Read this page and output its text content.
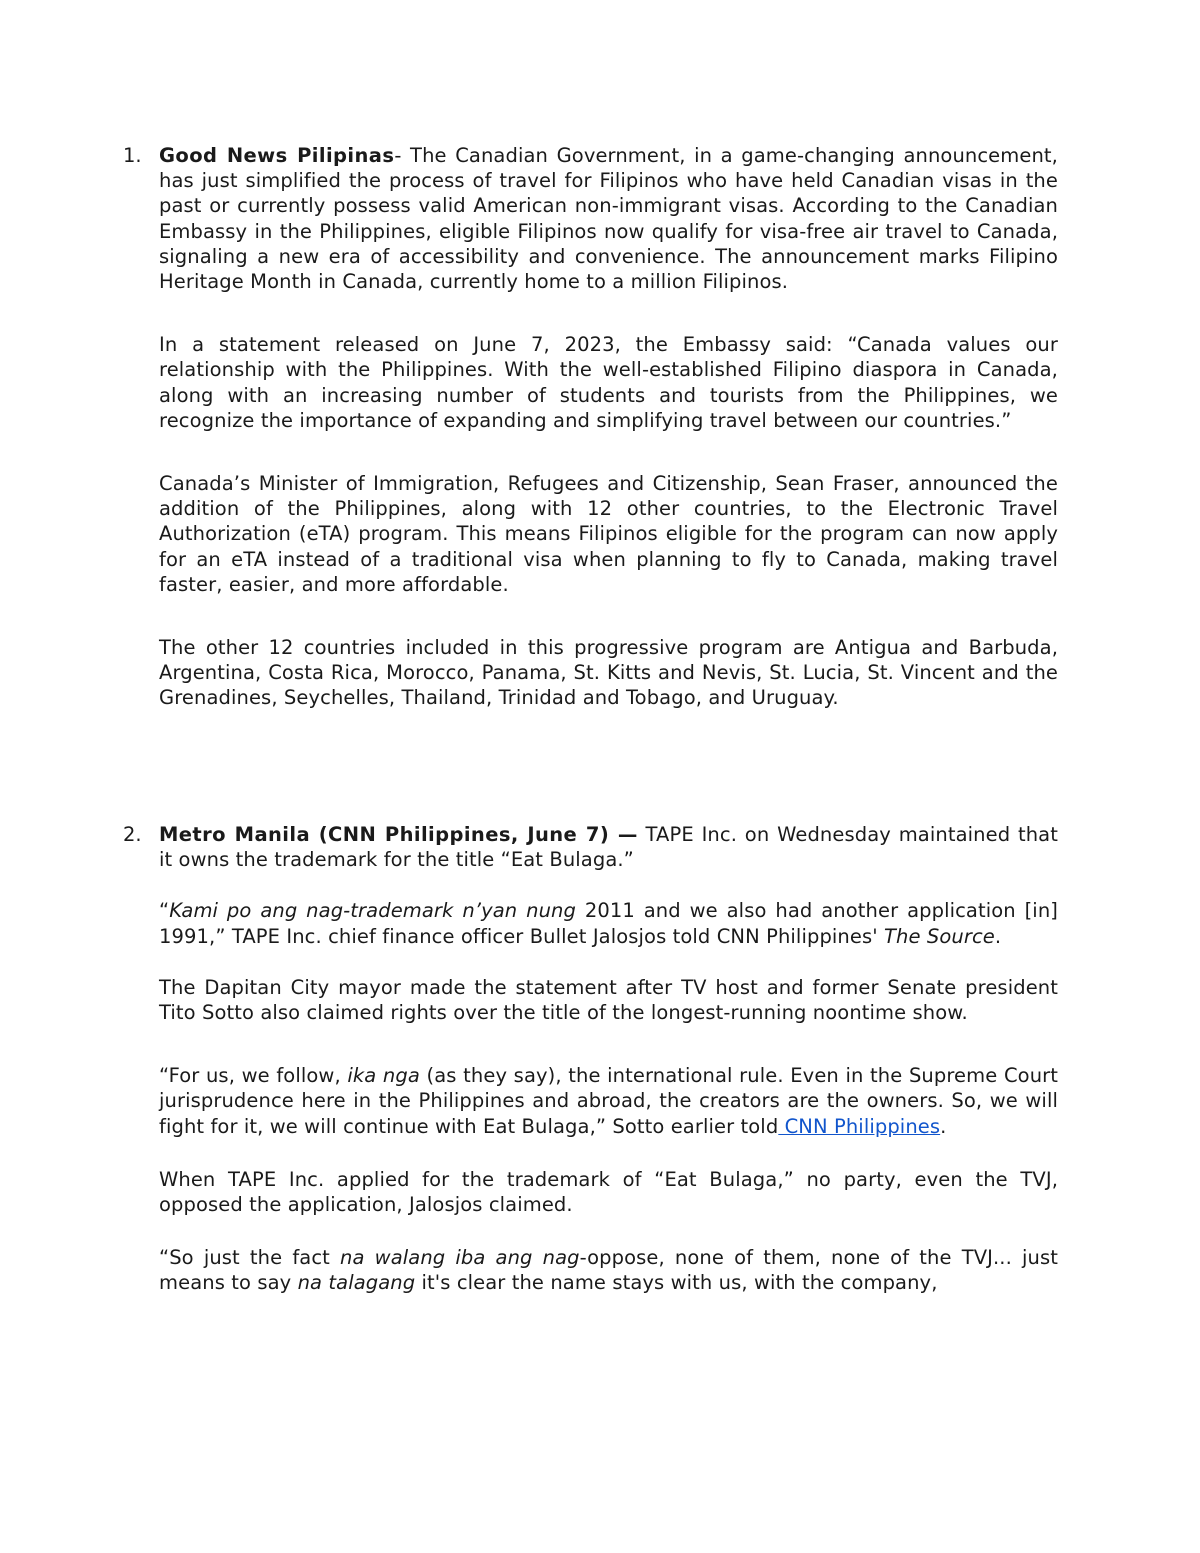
1. Good News Pilipinas- The Canadian Government, in a game-changing announcement, has just simplified the process of travel for Filipinos who have held Canadian visas in the past or currently possess valid American non-immigrant visas. According to the Canadian Embassy in the Philippines, eligible Filipinos now qualify for visa-free air travel to Canada, signaling a new era of accessibility and convenience. The announcement marks Filipino Heritage Month in Canada, currently home to a million Filipinos.

In a statement released on June 7, 2023, the Embassy said: “Canada values our relationship with the Philippines. With the well-established Filipino diaspora in Canada, along with an increasing number of students and tourists from the Philippines, we recognize the importance of expanding and simplifying travel between our countries.”

Canada’s Minister of Immigration, Refugees and Citizenship, Sean Fraser, announced the addition of the Philippines, along with 12 other countries, to the Electronic Travel Authorization (eTA) program. This means Filipinos eligible for the program can now apply for an eTA instead of a traditional visa when planning to fly to Canada, making travel faster, easier, and more affordable.

The other 12 countries included in this progressive program are Antigua and Barbuda, Argentina, Costa Rica, Morocco, Panama, St. Kitts and Nevis, St. Lucia, St. Vincent and the Grenadines, Seychelles, Thailand, Trinidad and Tobago, and Uruguay.

2. Metro Manila (CNN Philippines, June 7) — TAPE Inc. on Wednesday maintained that it owns the trademark for the title “Eat Bulaga.”

“Kami po ang nag-trademark n’yan nung 2011 and we also had another application [in] 1991,” TAPE Inc. chief finance officer Bullet Jalosjos told CNN Philippines' The Source.

The Dapitan City mayor made the statement after TV host and former Senate president Tito Sotto also claimed rights over the title of the longest-running noontime show.

“For us, we follow, ika nga (as they say), the international rule. Even in the Supreme Court jurisprudence here in the Philippines and abroad, the creators are the owners. So, we will fight for it, we will continue with Eat Bulaga,” Sotto earlier told CNN Philippines.

When TAPE Inc. applied for the trademark of “Eat Bulaga,” no party, even the TVJ, opposed the application, Jalosjos claimed.

“So just the fact na walang iba ang nag-oppose, none of them, none of the TVJ... just means to say na talagang it's clear the name stays with us, with the company,
